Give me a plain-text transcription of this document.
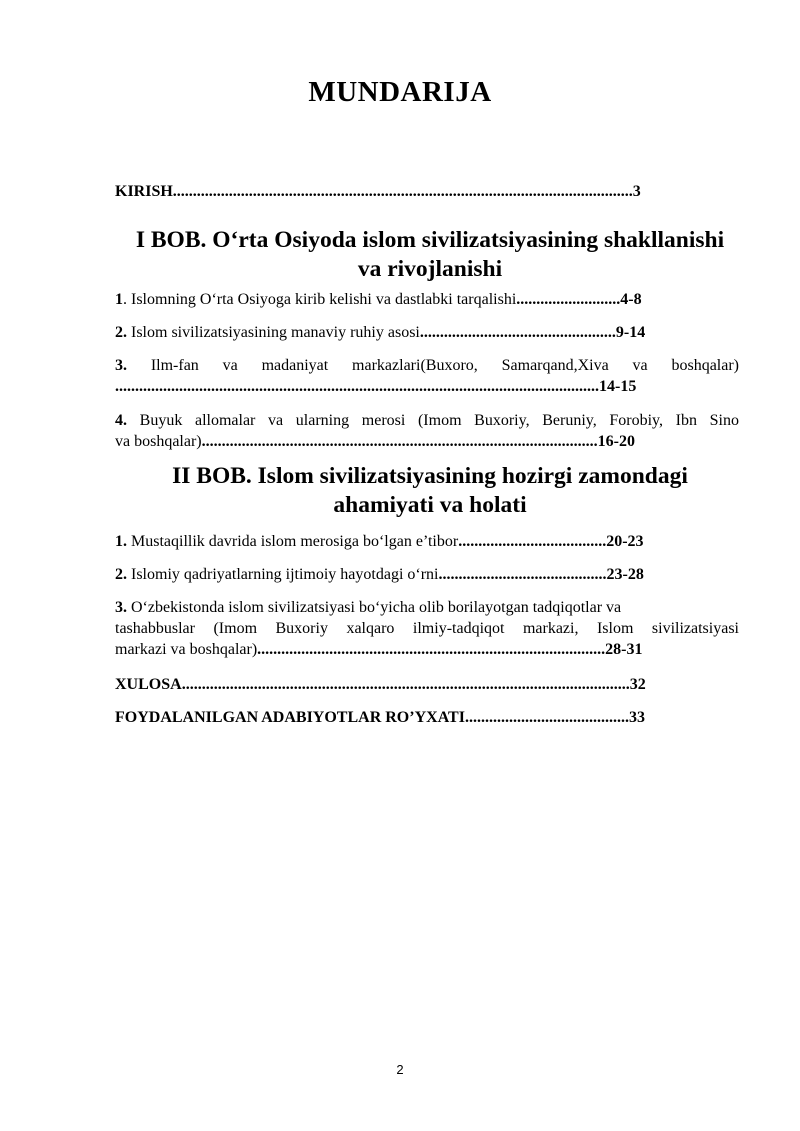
MUNDARIJA
KIRISH...................................................................................................................3
I BOB. O‘rta Osiyoda islom sivilizatsiyasining shakllanishi
va rivojlanishi
1. Islomning O‘rta Osiyoga kirib kelishi va dastlabki tarqalishi..........................4-8
2. Islom sivilizatsiyasining manaviy ruhiy asosi.................................................9-14
3. Ilm-fan va madaniyat markazlari(Buxoro, Samarqand,Xiva va boshqalar)
.........................................................................................................................14-15
4. Buyuk allomalar va ularning merosi (Imom Buxoriy, Beruniy, Forobiy, Ibn Sino
va boshqalar)...................................................................................................16-20
II BOB. Islom sivilizatsiyasining hozirgi zamondagi
ahamiyati va holati
1. Mustaqillik davrida islom merosiga bo‘lgan e’tibor.....................................20-23
2. Islomiy qadriyatlarning ijtimoiy hayotdagi o‘rni..........................................23-28
3. O‘zbekistonda islom sivilizatsiyasi bo‘yicha olib borilayotgan tadqiqotlar va
tashabbuslar (Imom Buxoriy xalqaro ilmiy-tadqiqot markazi, Islom sivilizatsiyasi
markazi va boshqalar).......................................................................................28-31
XULOSA................................................................................................................32
FOYDALANILGAN ADABIYOTLAR RO’YXATI.........................................33
2
